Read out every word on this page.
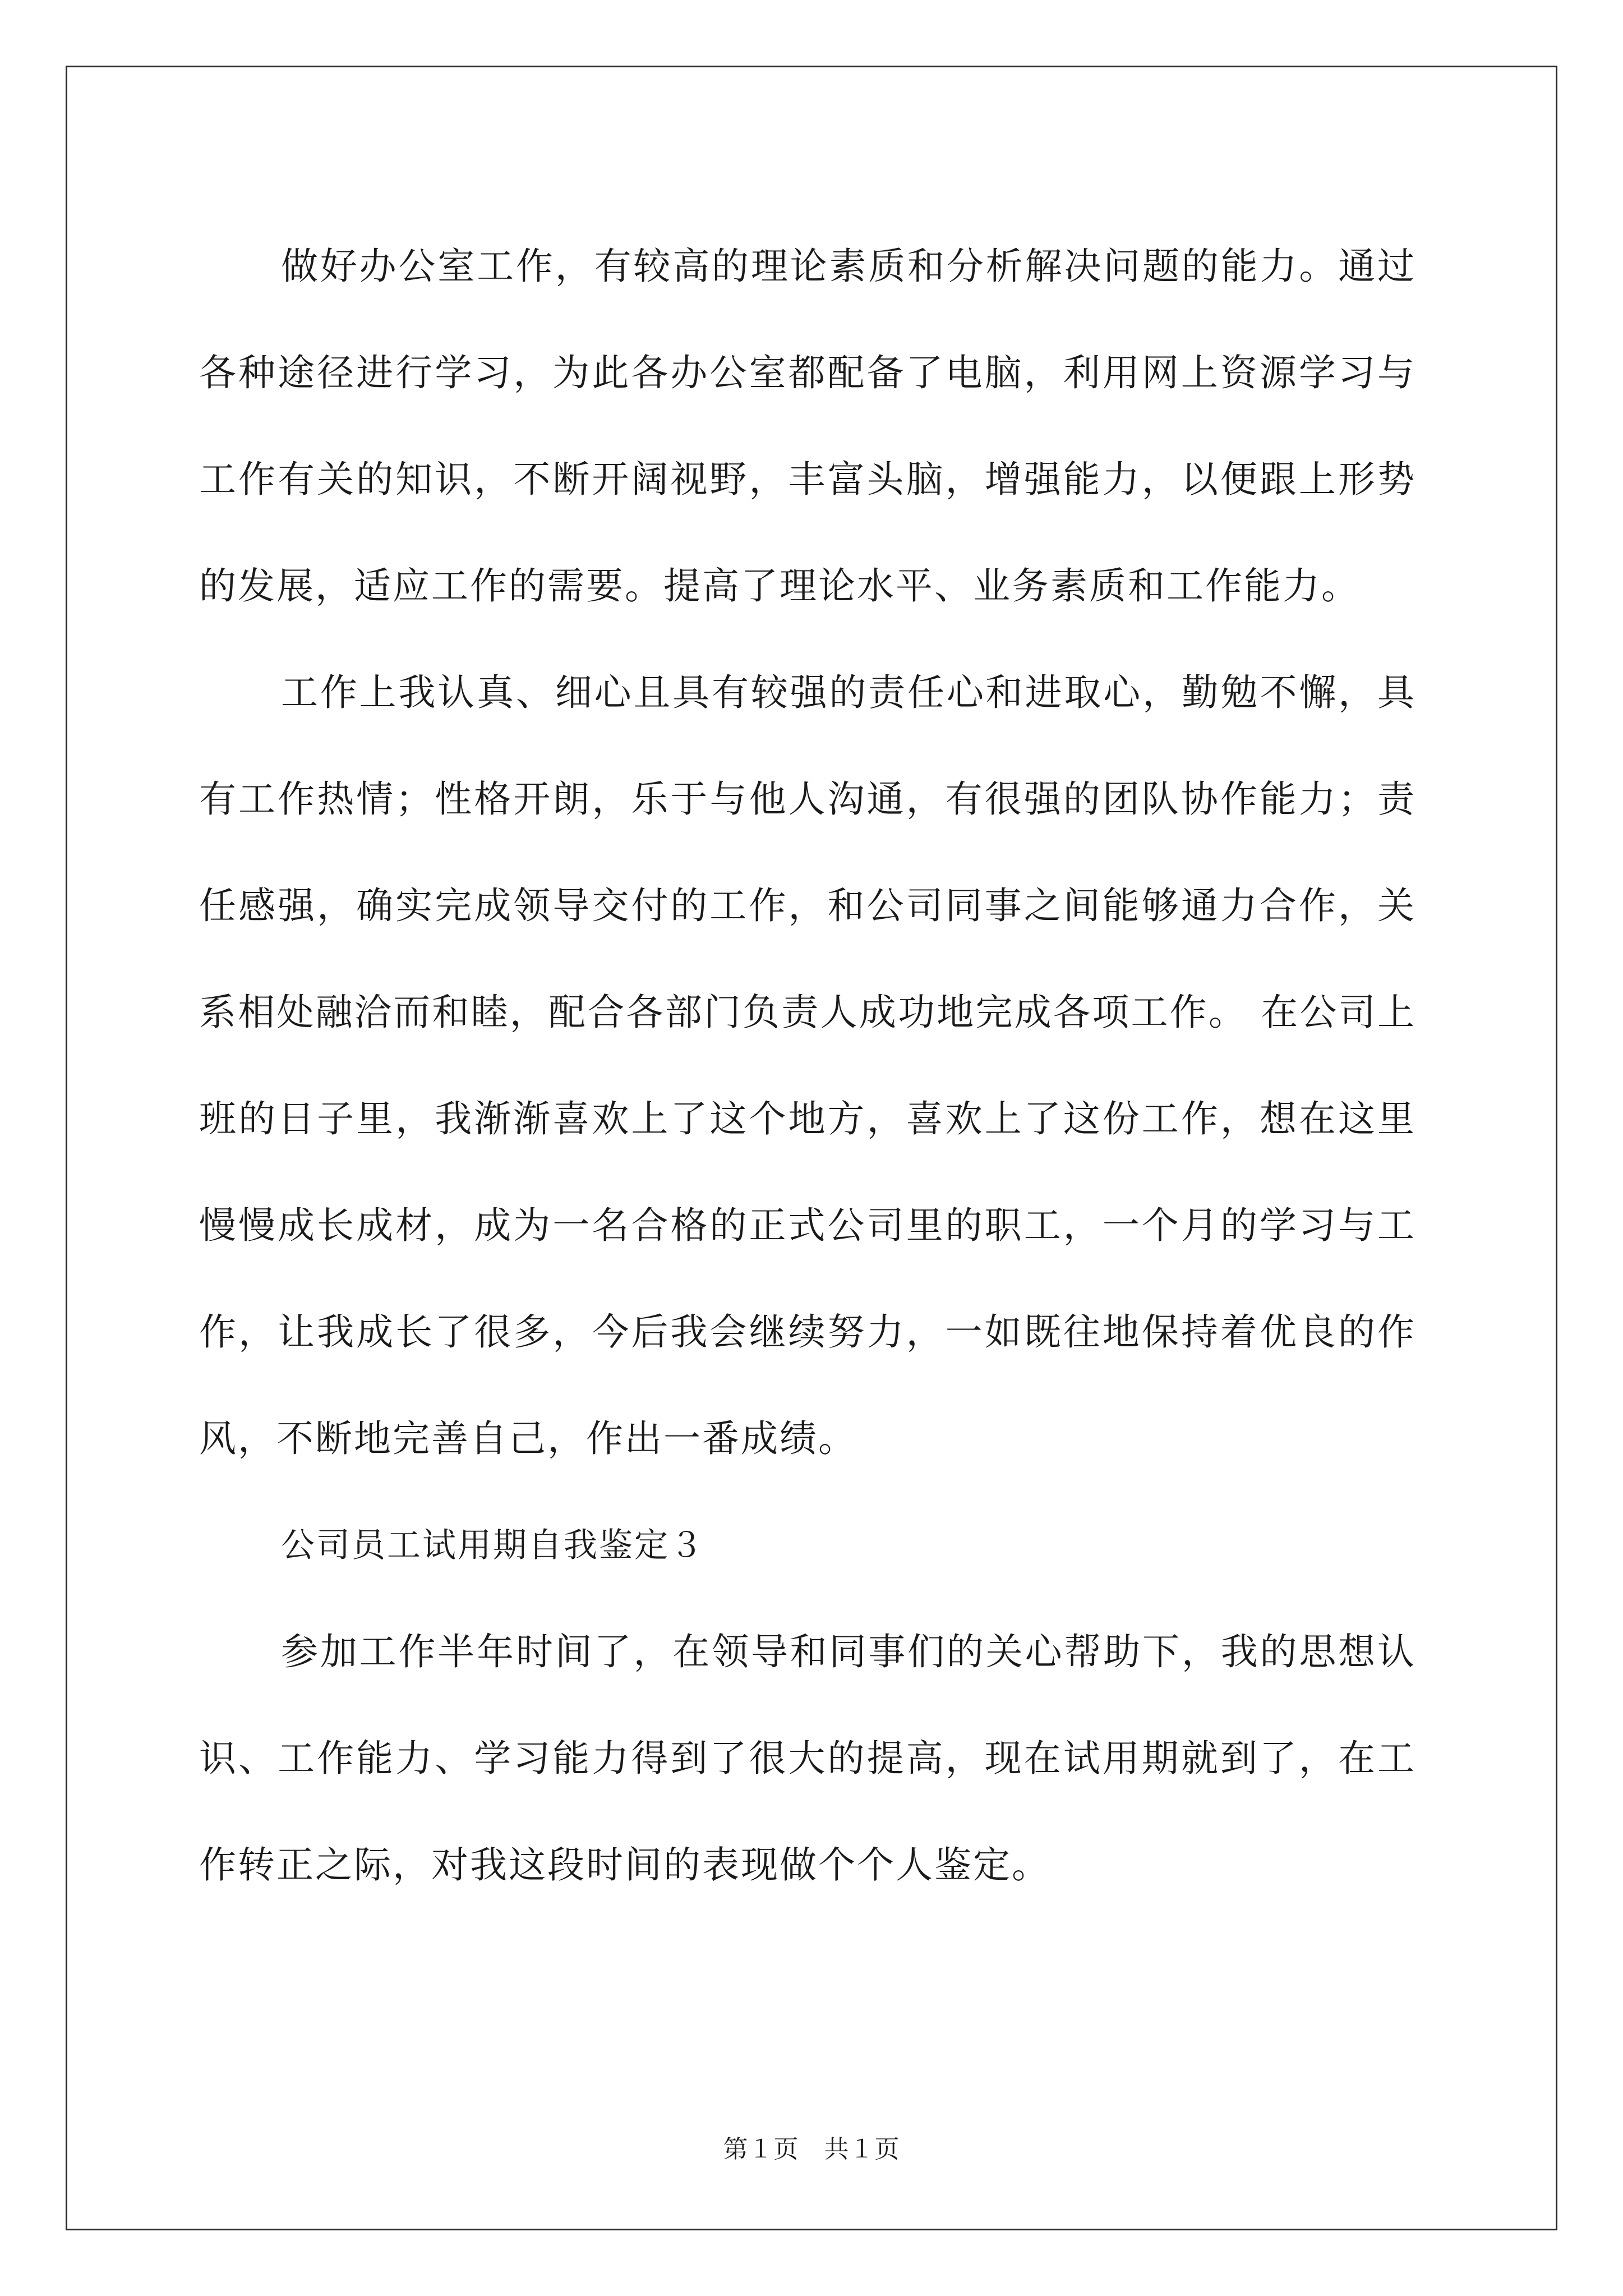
做好办公室工作，有较高的理论素质和分析解决问题的能力。通过各种途径进行学习，为此各办公室都配备了电脑，利用网上资源学习与工作有关的知识，不断开阔视野，丰富头脑，增强能力，以便跟上形势的发展，适应工作的需要。提高了理论水平、业务素质和工作能力。

工作上我认真、细心且具有较强的责任心和进取心，勤勉不懈，具有工作热情；性格开朗，乐于与他人沟通，有很强的团队协作能力；责任感强，确实完成领导交付的工作，和公司同事之间能够通力合作，关系相处融洽而和睦，配合各部门负责人成功地完成各项工作。 在公司上班的日子里，我渐渐喜欢上了这个地方，喜欢上了这份工作，想在这里慢慢成长成材，成为一名合格的正式公司里的职工，一个月的学习与工作，让我成长了很多，今后我会继续努力，一如既往地保持着优良的作风，不断地完善自己，作出一番成绩。

公司员工试用期自我鉴定３

参加工作半年时间了，在领导和同事们的关心帮助下，我的思想认识、工作能力、学习能力得到了很大的提高，现在试用期就到了，在工作转正之际，对我这段时间的表现做个个人鉴定。

第１页　共１页
